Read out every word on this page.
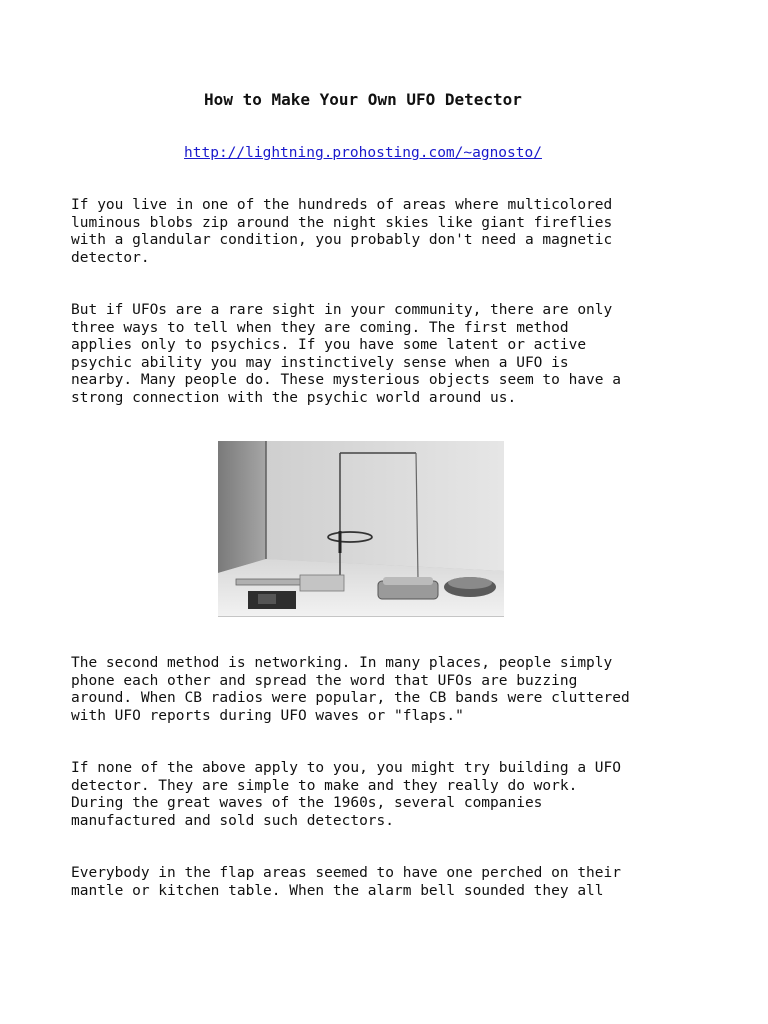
How to Make Your Own UFO Detector
http://lightning.prohosting.com/~agnosto/

If you live in one of the hundreds of areas where multicolored
luminous blobs zip around the night skies like giant fireflies
with a glandular condition, you probably don't need a magnetic
detector.

But if UFOs are a rare sight in your community, there are only
three ways to tell when they are coming. The first method
applies only to psychics. If you have some latent or active
psychic ability you may instinctively sense when a UFO is
nearby. Many people do. These mysterious objects seem to have a
strong connection with the psychic world around us.

The second method is networking. In many places, people simply
phone each other and spread the word that UFOs are buzzing
around. When CB radios were popular, the CB bands were cluttered
with UFO reports during UFO waves or "flaps."

If none of the above apply to you, you might try building a UFO
detector. They are simple to make and they really do work.
During the great waves of the 1960s, several companies
manufactured and sold such detectors.

Everybody in the flap areas seemed to have one perched on their
mantle or kitchen table. When the alarm bell sounded they all
